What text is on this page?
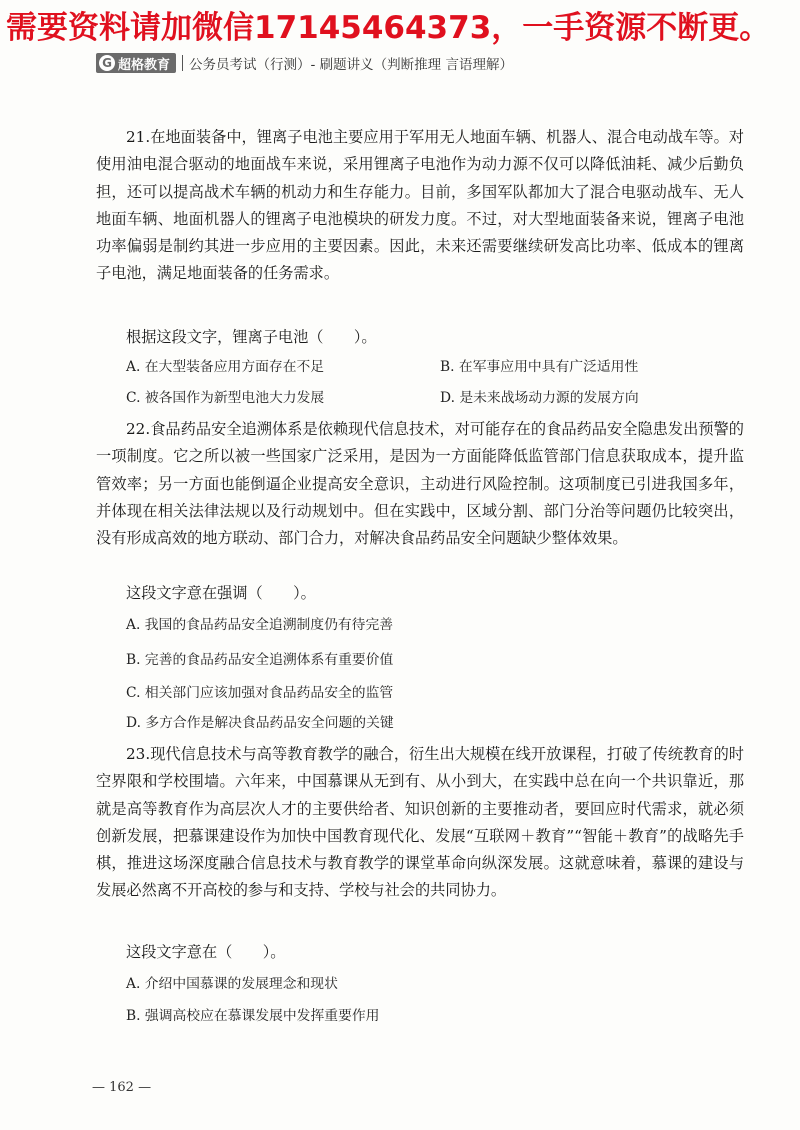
需要资料请加微信17145464373，一手资源不断更。
G 超格教育 公务员考试（行测）- 刷题讲义（判断推理 言语理解）

21.在地面装备中，锂离子电池主要应用于军用无人地面车辆、机器人、混合电动战车等。对使用油电混合驱动的地面战车来说，采用锂离子电池作为动力源不仅可以降低油耗、减少后勤负担，还可以提高战术车辆的机动力和生存能力。目前，多国军队都加大了混合电驱动战车、无人地面车辆、地面机器人的锂离子电池模块的研发力度。不过，对大型地面装备来说，锂离子电池功率偏弱是制约其进一步应用的主要因素。因此，未来还需要继续研发高比功率、低成本的锂离子电池，满足地面装备的任务需求。

根据这段文字，锂离子电池（　　）。

A. 在大型装备应用方面存在不足	B. 在军事应用中具有广泛适用性

C. 被各国作为新型电池大力发展	D. 是未来战场动力源的发展方向

22.食品药品安全追溯体系是依赖现代信息技术，对可能存在的食品药品安全隐患发出预警的一项制度。它之所以被一些国家广泛采用，是因为一方面能降低监管部门信息获取成本，提升监管效率；另一方面也能倒逼企业提高安全意识，主动进行风险控制。这项制度已引进我国多年，并体现在相关法律法规以及行动规划中。但在实践中，区域分割、部门分治等问题仍比较突出，没有形成高效的地方联动、部门合力，对解决食品药品安全问题缺少整体效果。

这段文字意在强调（　　）。

A. 我国的食品药品安全追溯制度仍有待完善

B. 完善的食品药品安全追溯体系有重要价值

C. 相关部门应该加强对食品药品安全的监管

D. 多方合作是解决食品药品安全问题的关键

23.现代信息技术与高等教育教学的融合，衍生出大规模在线开放课程，打破了传统教育的时空界限和学校围墙。六年来，中国慕课从无到有、从小到大，在实践中总在向一个共识靠近，那就是高等教育作为高层次人才的主要供给者、知识创新的主要推动者，要回应时代需求，就必须创新发展，把慕课建设作为加快中国教育现代化、发展“互联网＋教育”“智能＋教育”的战略先手棋，推进这场深度融合信息技术与教育教学的课堂革命向纵深发展。这就意味着，慕课的建设与发展必然离不开高校的参与和支持、学校与社会的共同协力。

这段文字意在（　　）。

A. 介绍中国慕课的发展理念和现状

B. 强调高校应在慕课发展中发挥重要作用

— 162 —
